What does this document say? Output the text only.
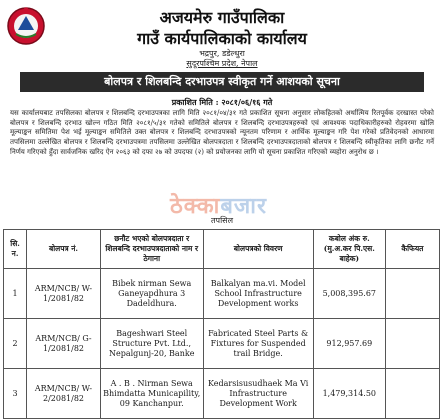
अजयमेरु गाउँपालिका
गाउँ कार्यपालिकाको कार्यालय
भद्रपुर, डडेल्धुरा
सुदूरपश्चिम प्रदेश, नेपाल
बोलपत्र र शिलबन्दि दरभाउपत्र स्वीकृत गर्ने आशयको सूचना
प्रकाशित मिति : २०८१/०६/१६ गते
यस कार्यालयबाट तपसिलका बोलपत्र र शिलबन्दि दरभाउपत्रका लागि मिति २०८१/०४/३१ गते प्रकाशित सूचना अनुसार लोकहितको अर्थात्मिय रितपूर्वक दरखास्त परेको बोलपत्र र शिलबन्दि दरभाउ खोल्न गठित मिति २०८१/५/३१ गतेको समितिले बोलपत्र र शिलबन्दि दरभाउपत्रहरुको एवं आवश्यक पदाधिकारीहरुको रोहवरमा खोलि मूल्याङ्कन समितिमा पेश भई मूल्याङ्कन समितिले उक्त बोलपत्र र शिलबन्दि दरभाउपत्रको न्यूनतम परिणाम र आर्थिक मूल्याङ्कन गरि पेश गरेको प्रतिवेदनको आधारमा तपसिलमा उल्लेखित बोलपत्र र शिलबन्दि दरभाउपत्रमा तपसिलमा उल्लेखित बोलपत्रदाता र शिलबन्दि दरभाउपत्रदाताको बोलपत्र र शिलबन्दि स्वीकृतिका लागि छनौट गर्ने निर्णय गरिएको हुँदा सार्वजनिक खरिद ऐन २०६३ को दफा २७ को उपदफा (२) को प्रयोजनका लागि यो सूचना प्रकाशित गरिएको व्यहोरा अनुरोध छ ।
ठेक्काबजार
तपसिल
सि. न.	बोलपत्र नं.	छनौट भएको बोलपत्रदाता र शिलबन्दि दरभाउपत्रदाताको नाम र ठेगाना	बोलपत्रको विवरण	कबोल अंक रु. (मु.अ.कर पि.एस. बाहेक)	कैफियत
1	ARM/NCB/ W-1/2081/82	Bibek nirman Sewa Ganeyapdhura 3 Dadeldhura.	Balkalyan ma.vi. Model School Infrastructure Development works	5,008,395.67	
2	ARM/NCB/ G-1/2081/82	Bageshwari Steel Structure Pvt. Ltd., Nepalgunj-20, Banke	Fabricated Steel Parts & Fixtures for Suspended trail Bridge.	912,957.69	
3	ARM/NCB/ W-2/2081/82	A . B . Nirman Sewa Bhimdatta Municapility, 09 Kanchanpur.	Kedarsisusudhaek Ma Vi Infrastructure Development Work	1,479,314.50	
